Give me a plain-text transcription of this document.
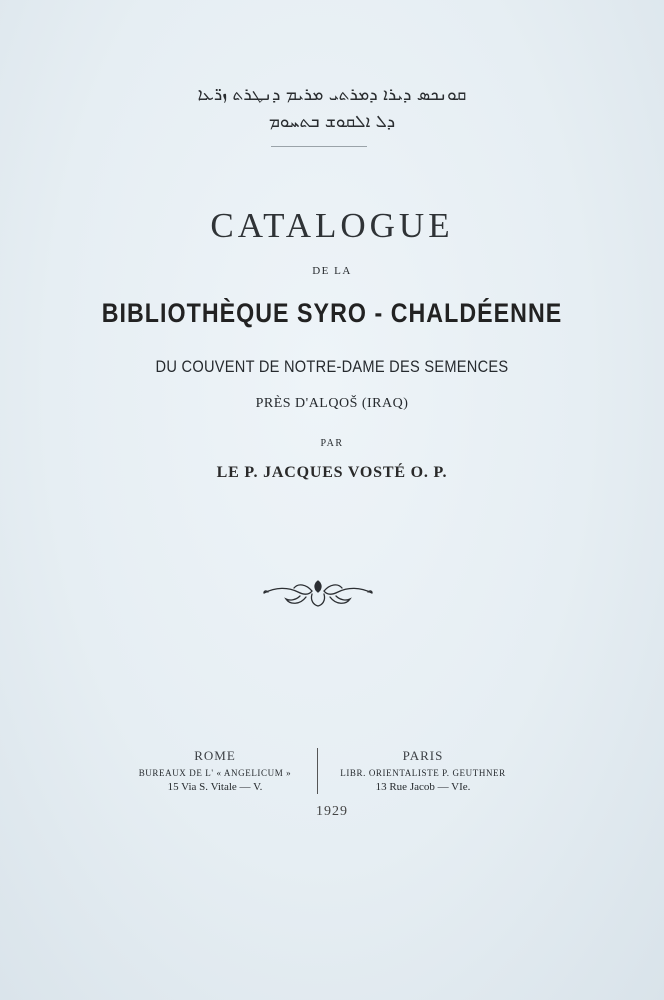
ܩܘܢܟܣ ܕܝܪܐ ܕܡܪܬܝ ܡܪܝܡ ܕܢܛܪܬ ܙܪ̈ܥܐ
ܕܠ ܐܠܩܘܫ ܒܬܚܘܡ
CATALOGUE
DE LA
BIBLIOTHÈQUE SYRO - CHALDÉENNE
DU COUVENT DE NOTRE-DAME DES SEMENCES
PRÈS D'ALQOŠ (IRAQ)
PAR
LE P. JACQUES VOSTÉ O. P.
ROME
BUREAUX DE L' « ANGELICUM »
15 Via S. Vitale — V.
PARIS
LIBR. ORIENTALISTE P. GEUTHNER
13 Rue Jacob — VIe.
1929
